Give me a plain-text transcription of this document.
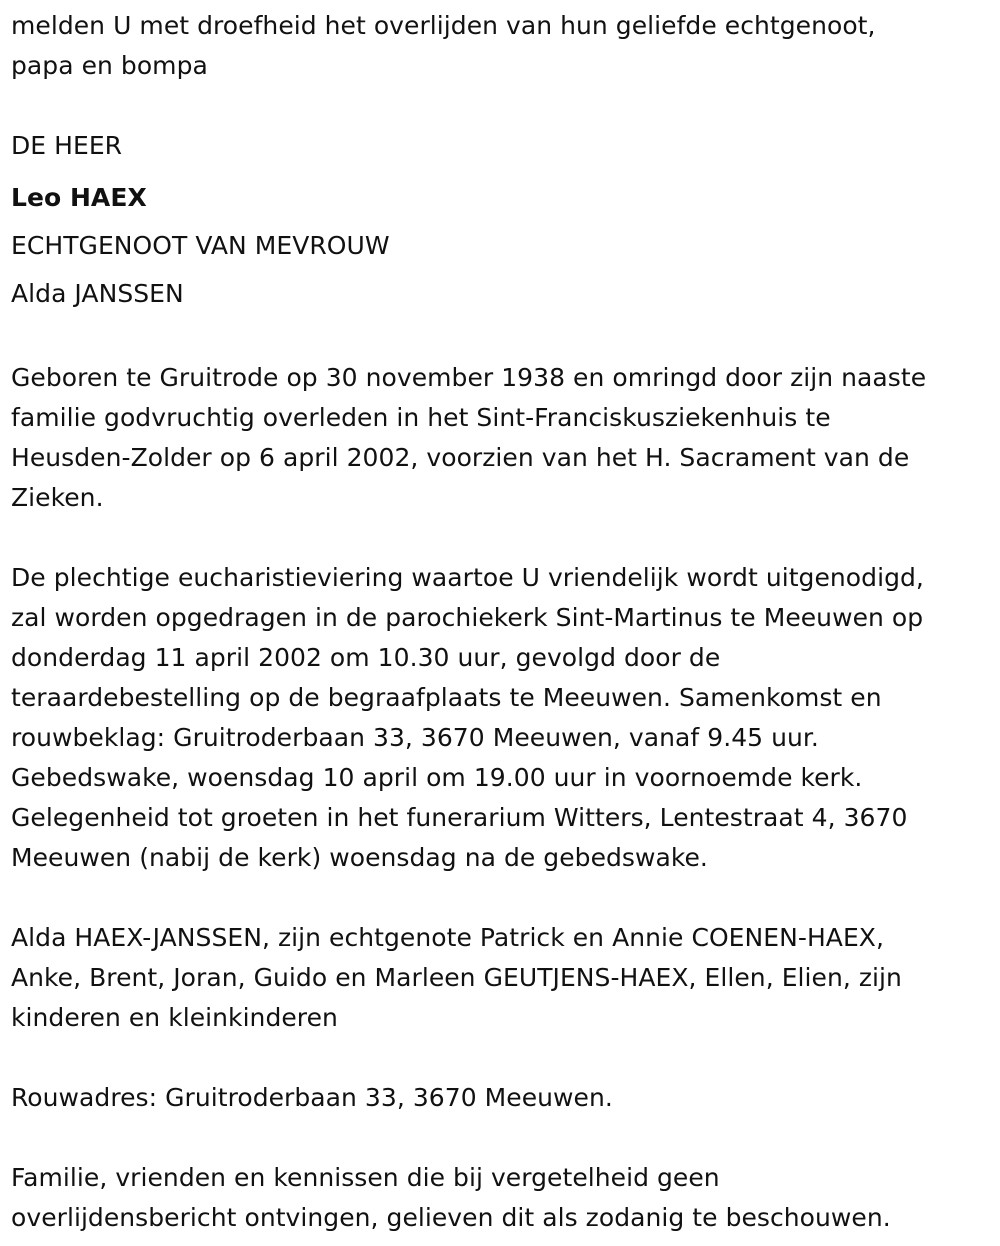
melden U met droefheid het overlijden van hun geliefde echtgenoot,
papa en bompa
DE HEER
Leo HAEX
ECHTGENOOT VAN MEVROUW
Alda JANSSEN
Geboren te Gruitrode op 30 november 1938 en omringd door zijn naaste
familie godvruchtig overleden in het Sint-Franciskusziekenhuis te
Heusden-Zolder op 6 april 2002, voorzien van het H. Sacrament van de
Zieken.
De plechtige eucharistieviering waartoe U vriendelijk wordt uitgenodigd,
zal worden opgedragen in de parochiekerk Sint-Martinus te Meeuwen op
donderdag 11 april 2002 om 10.30 uur, gevolgd door de
teraardebestelling op de begraafplaats te Meeuwen. Samenkomst en
rouwbeklag: Gruitroderbaan 33, 3670 Meeuwen, vanaf 9.45 uur.
Gebedswake, woensdag 10 april om 19.00 uur in voornoemde kerk.
Gelegenheid tot groeten in het funerarium Witters, Lentestraat 4, 3670
Meeuwen (nabij de kerk) woensdag na de gebedswake.
Alda HAEX-JANSSEN, zijn echtgenote Patrick en Annie COENEN-HAEX,
Anke, Brent, Joran, Guido en Marleen GEUTJENS-HAEX, Ellen, Elien, zijn
kinderen en kleinkinderen
Rouwadres: Gruitroderbaan 33, 3670 Meeuwen.
Familie, vrienden en kennissen die bij vergetelheid geen
overlijdensbericht ontvingen, gelieven dit als zodanig te beschouwen.
